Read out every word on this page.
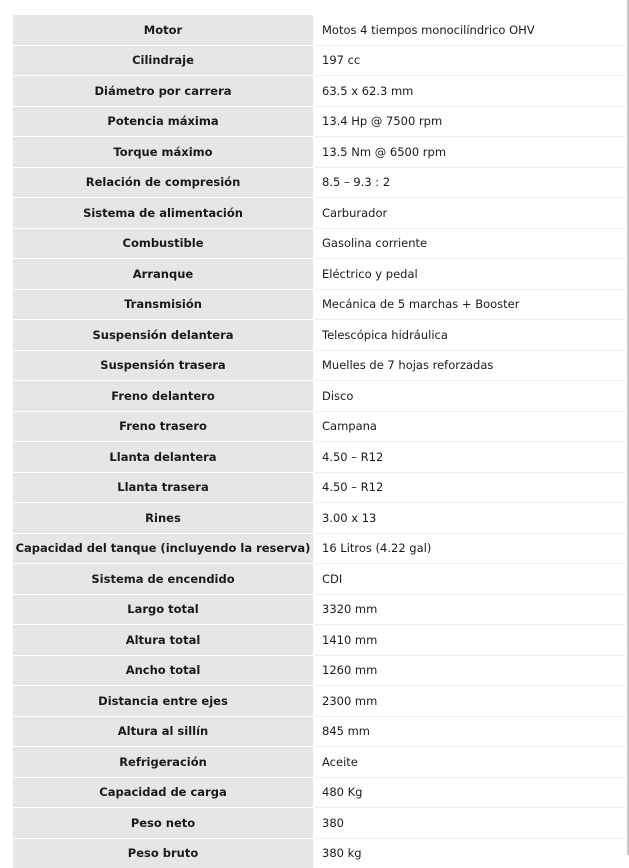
Motor	Motos 4 tiempos monocilíndrico OHV
Cilindraje	197 cc
Diámetro por carrera	63.5 x 62.3 mm
Potencia máxima	13.4 Hp @ 7500 rpm
Torque máximo	13.5 Nm @ 6500 rpm
Relación de compresión	8.5 – 9.3 : 2
Sistema de alimentación	Carburador
Combustible	Gasolina corriente
Arranque	Eléctrico y pedal
Transmisión	Mecánica de 5 marchas + Booster
Suspensión delantera	Telescópica hidráulica
Suspensión trasera	Muelles de 7 hojas reforzadas
Freno delantero	Disco
Freno trasero	Campana
Llanta delantera	4.50 – R12
Llanta trasera	4.50 – R12
Rines	3.00 x 13
Capacidad del tanque (incluyendo la reserva)	16 Litros (4.22 gal)
Sistema de encendido	CDI
Largo total	3320 mm
Altura total	1410 mm
Ancho total	1260 mm
Distancia entre ejes	2300 mm
Altura al sillín	845 mm
Refrigeración	Aceite
Capacidad de carga	480 Kg
Peso neto	380
Peso bruto	380 kg
